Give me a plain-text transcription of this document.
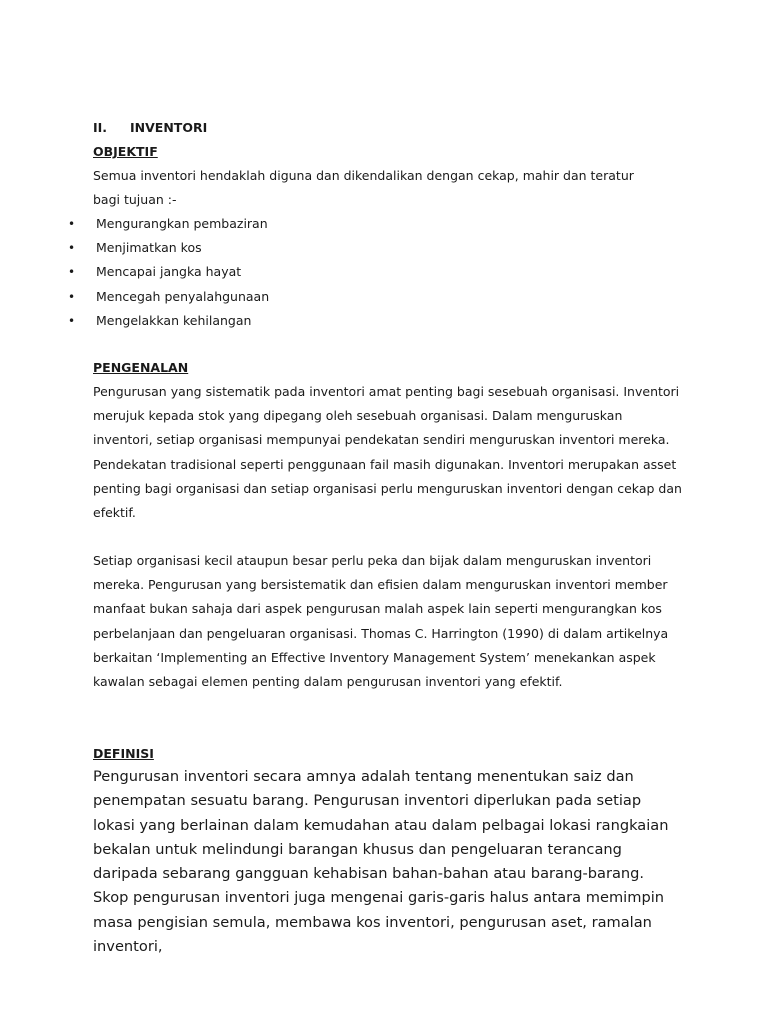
II. INVENTORI
OBJEKTIF

Semua inventori hendaklah diguna dan dikendalikan dengan cekap, mahir dan teratur bagi tujuan :-

• Mengurangkan pembaziran
• Menjimatkan kos
• Mencapai jangka hayat
• Mencegah penyalahgunaan
• Mengelakkan kehilangan
PENGENALAN

Pengurusan yang sistematik pada inventori amat penting bagi sesebuah organisasi. Inventori merujuk kepada stok yang dipegang oleh sesebuah organisasi. Dalam menguruskan inventori, setiap organisasi mempunyai pendekatan sendiri menguruskan inventori mereka. Pendekatan tradisional seperti penggunaan fail masih digunakan. Inventori merupakan asset penting bagi organisasi dan setiap organisasi perlu menguruskan inventori dengan cekap dan efektif.

Setiap organisasi kecil ataupun besar perlu peka dan bijak dalam menguruskan inventori mereka. Pengurusan yang bersistematik dan efisien dalam menguruskan inventori member manfaat bukan sahaja dari aspek pengurusan malah aspek lain seperti mengurangkan kos perbelanjaan dan pengeluaran organisasi. Thomas C. Harrington (1990) di dalam artikelnya berkaitan ‘Implementing an Effective Inventory Management System’ menekankan aspek kawalan sebagai elemen penting dalam pengurusan inventori yang efektif.

DEFINISI

Pengurusan inventori secara amnya adalah tentang menentukan saiz dan penempatan sesuatu barang. Pengurusan inventori diperlukan pada setiap lokasi yang berlainan dalam kemudahan atau dalam pelbagai lokasi rangkaian bekalan untuk melindungi barangan khusus dan pengeluaran terancang daripada sebarang gangguan kehabisan bahan-bahan atau barang-barang. Skop pengurusan inventori juga mengenai garis-garis halus antara memimpin masa pengisian semula, membawa kos inventori, pengurusan aset, ramalan inventori,
